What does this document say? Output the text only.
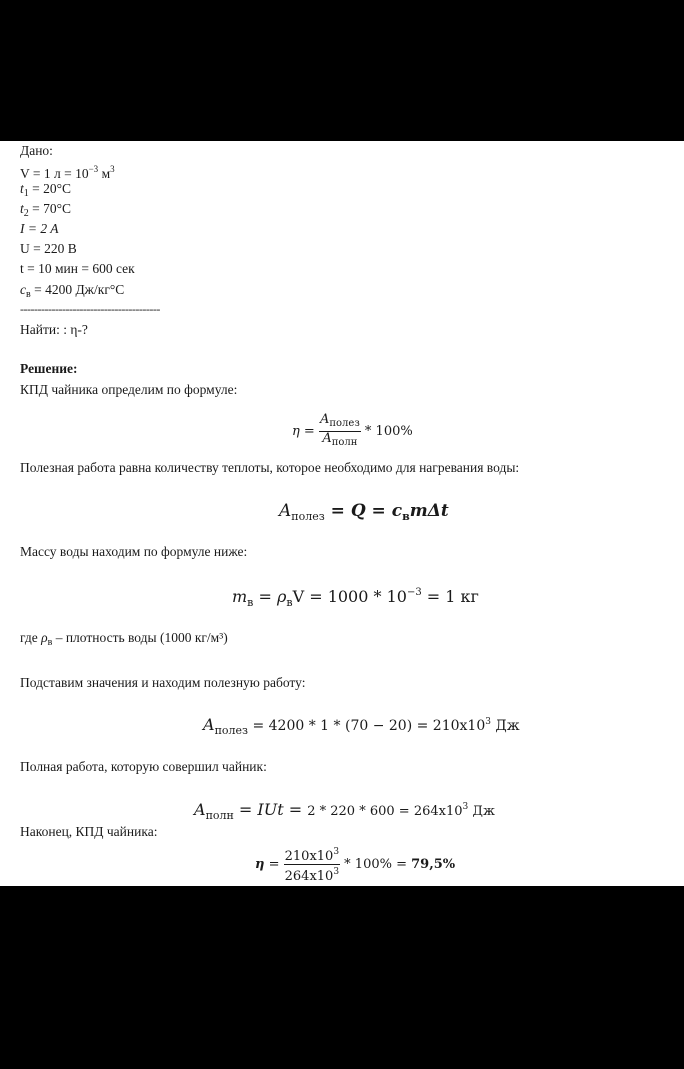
Дано:
V = 1 $л = 10^{-3}$ $м^3$
$t_1 = 20^\circ C$
$t_2 = 70^\circ C$
I = 2 A
U = 220 В
t = 10 мин = 600 сек
$c_в = 4200$ Дж/кг°C
----------------------------------------
Найти: : η-?
Решение:
КПД чайника определим по формуле:
$\eta = \frac{A_{полез}}{A_{полн}} * 100\%$
Полезная работа равна количеству теплоты, которое необходимо для нагревания воды:
$A_{полез} = Q = c_вm\Delta t$
Массу воды находим по формуле ниже:
$m_в = \rho_вV = 1000 * 10^{-3} = 1$ кг
где $\rho_в$ – плотность воды (1000 кг/м³)
Подставим значения и находим полезную работу:
$A_{полез} = 4200 * 1 * (70 - 20) = 210x10^3$ Дж
Полная работа, которую совершил чайник:
$A_{полн}$ = IUt = $2 * 220 * 600 = 264x10^3$ Дж
Наконец, КПД чайника:
$\eta = \frac{210x10^3}{264x10^3} * 100\% = 79,5\%$
